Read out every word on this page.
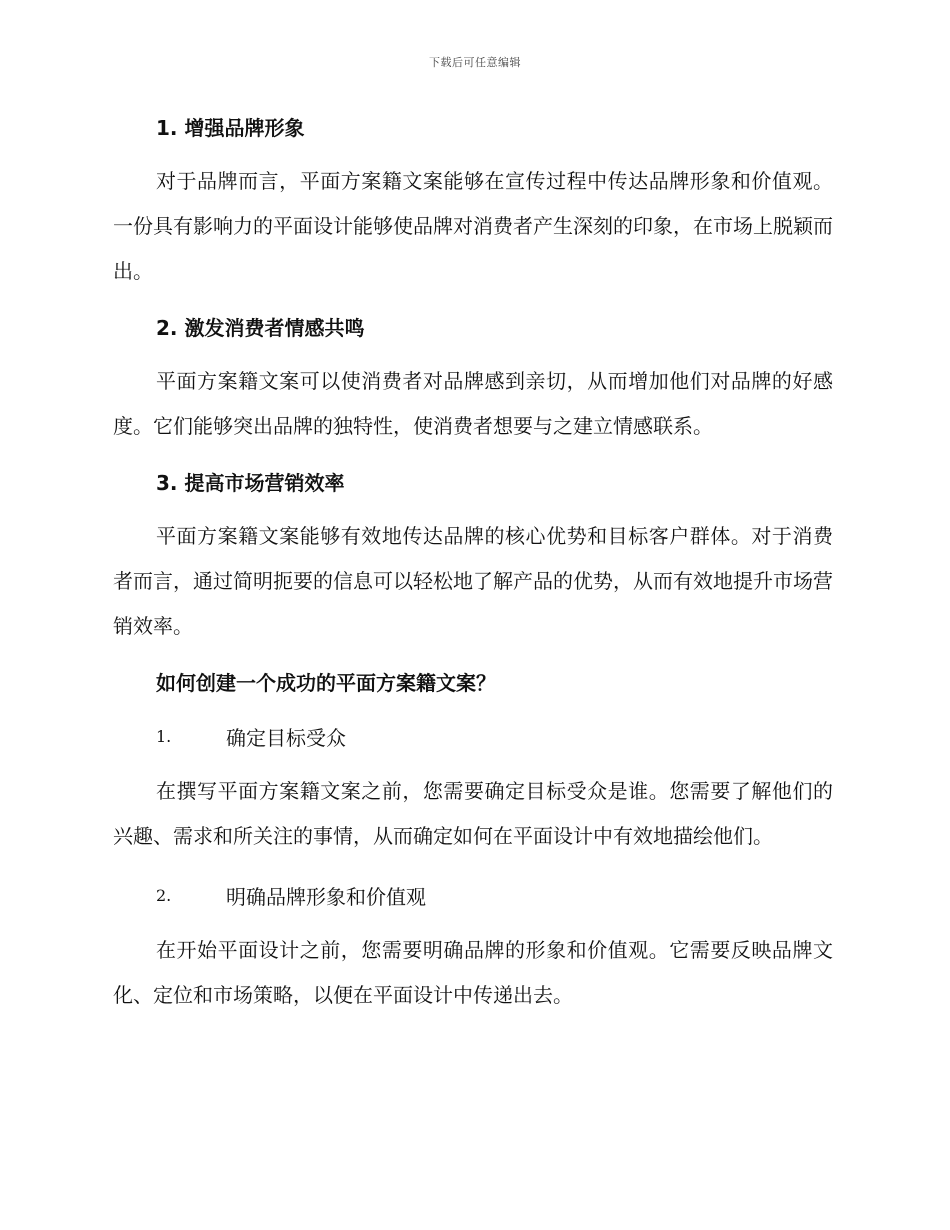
下载后可任意编辑
1. 增强品牌形象

对于品牌而言，平面方案籍文案能够在宣传过程中传达品牌形象和价值观。一份具有影响力的平面设计能够使品牌对消费者产生深刻的印象，在市场上脱颖而出。

2. 激发消费者情感共鸣

平面方案籍文案可以使消费者对品牌感到亲切，从而增加他们对品牌的好感度。它们能够突出品牌的独特性，使消费者想要与之建立情感联系。

3. 提高市场营销效率

平面方案籍文案能够有效地传达品牌的核心优势和目标客户群体。对于消费者而言，通过简明扼要的信息可以轻松地了解产品的优势，从而有效地提升市场营销效率。

如何创建一个成功的平面方案籍文案？
1.	确定目标受众

在撰写平面方案籍文案之前，您需要确定目标受众是谁。您需要了解他们的兴趣、需求和所关注的事情，从而确定如何在平面设计中有效地描绘他们。

2.	明确品牌形象和价值观

在开始平面设计之前，您需要明确品牌的形象和价值观。它需要反映品牌文化、定位和市场策略，以便在平面设计中传递出去。
